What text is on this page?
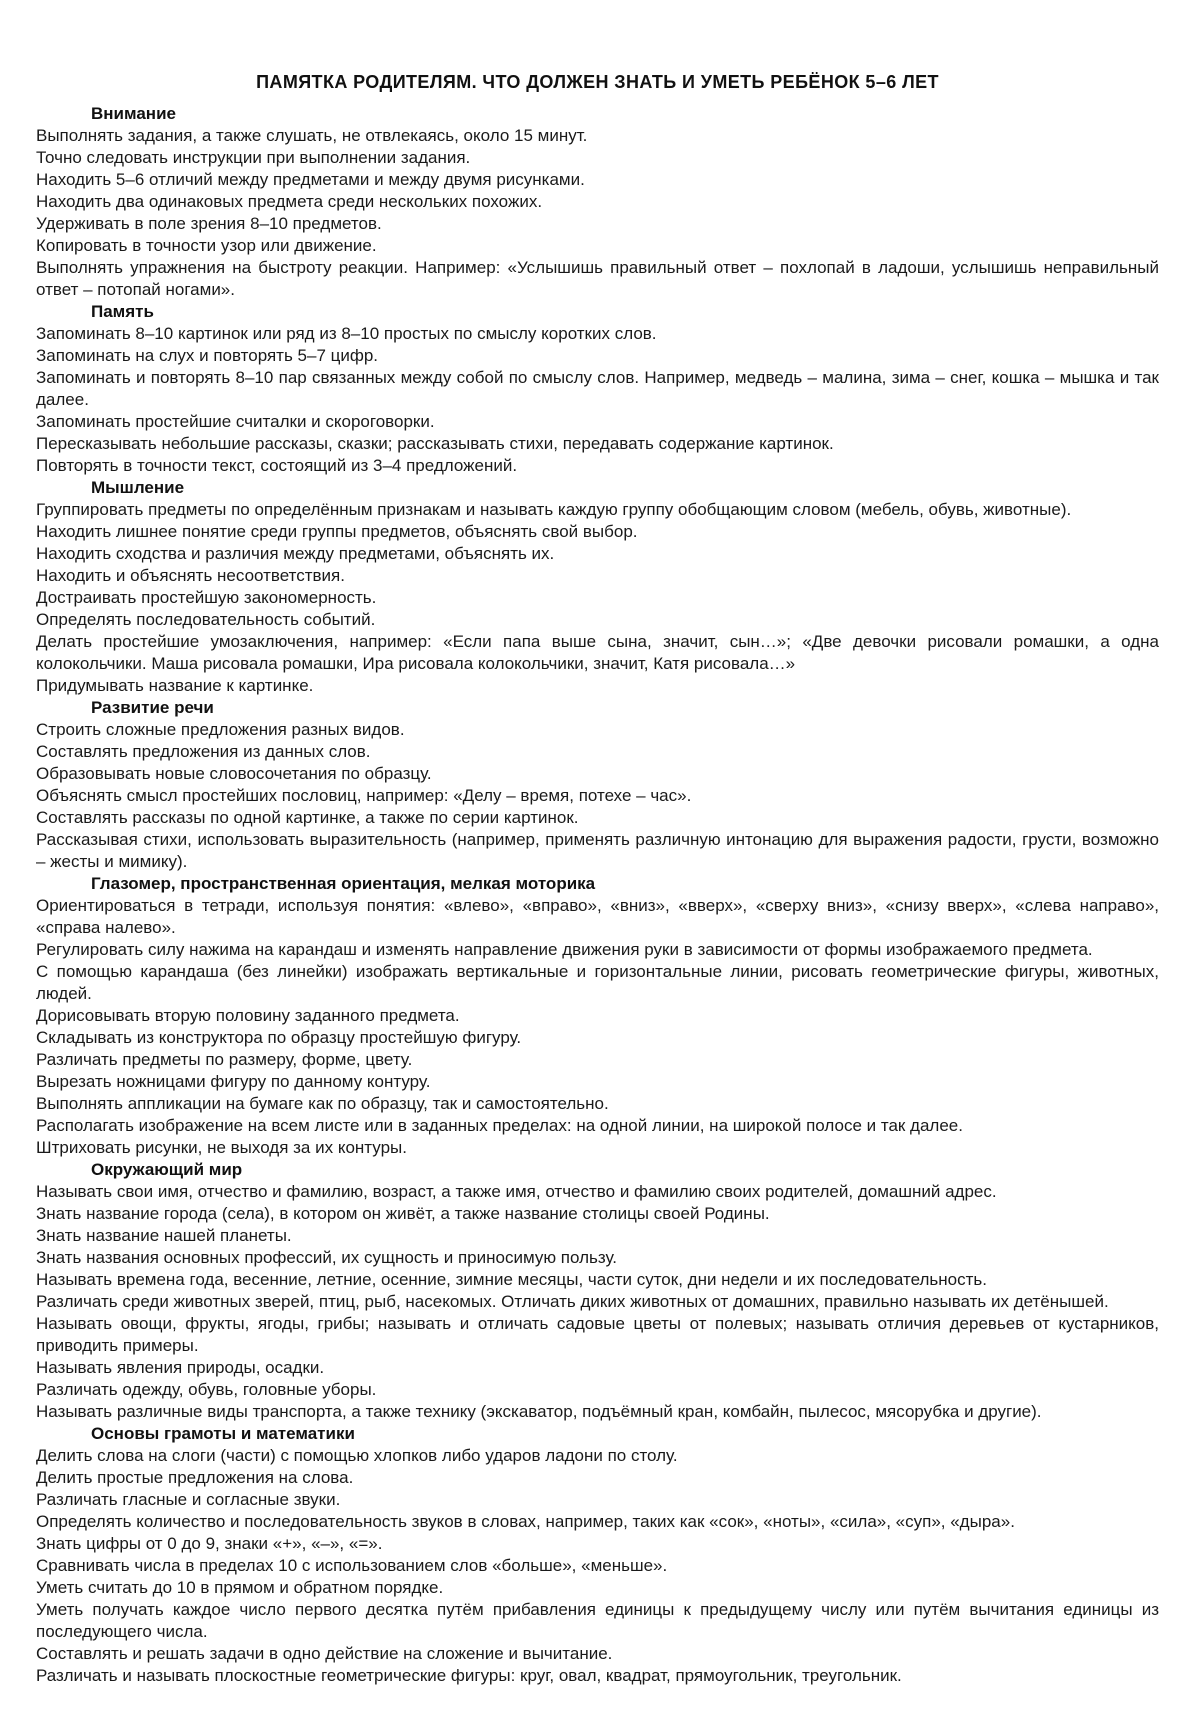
ПАМЯТКА РОДИТЕЛЯМ. ЧТО ДОЛЖЕН ЗНАТЬ И УМЕТЬ РЕБЁНОК 5–6 ЛЕТ
Внимание
Выполнять задания, а также слушать, не отвлекаясь, около 15 минут.
Точно следовать инструкции при выполнении задания.
Находить 5–6 отличий между предметами и между двумя рисунками.
Находить два одинаковых предмета среди нескольких похожих.
Удерживать в поле зрения 8–10 предметов.
Копировать в точности узор или движение.
Выполнять упражнения на быстроту реакции. Например: «Услышишь правильный ответ – похлопай в ладоши, услышишь неправильный ответ – потопай ногами».
Память
Запоминать 8–10 картинок или ряд из 8–10 простых по смыслу коротких слов.
Запоминать на слух и повторять 5–7 цифр.
Запоминать и повторять 8–10 пар связанных между собой по смыслу слов. Например, медведь – малина, зима – снег, кошка – мышка и так далее.
Запоминать простейшие считалки и скороговорки.
Пересказывать небольшие рассказы, сказки; рассказывать стихи, передавать содержание картинок.
Повторять в точности текст, состоящий из 3–4 предложений.
Мышление
Группировать предметы по определённым признакам и называть каждую группу обобщающим словом (мебель, обувь, животные).
Находить лишнее понятие среди группы предметов, объяснять свой выбор.
Находить сходства и различия между предметами, объяснять их.
Находить и объяснять несоответствия.
Достраивать простейшую закономерность.
Определять последовательность событий.
Делать простейшие умозаключения, например: «Если папа выше сына, значит, сын…»; «Две девочки рисовали ромашки, а одна колокольчики. Маша рисовала ромашки, Ира рисовала колокольчики, значит, Катя рисовала…»
Придумывать название к картинке.
Развитие речи
Строить сложные предложения разных видов.
Составлять предложения из данных слов.
Образовывать новые словосочетания по образцу.
Объяснять смысл простейших пословиц, например: «Делу – время, потехе – час».
Составлять рассказы по одной картинке, а также по серии картинок.
Рассказывая стихи, использовать выразительность (например, применять различную интонацию для выражения радости, грусти, возможно – жесты и мимику).
Глазомер, пространственная ориентация, мелкая моторика
Ориентироваться в тетради, используя понятия: «влево», «вправо», «вниз», «вверх», «сверху вниз», «снизу вверх», «слева направо», «справа налево».
Регулировать силу нажима на карандаш и изменять направление движения руки в зависимости от формы изображаемого предмета.
С помощью карандаша (без линейки) изображать вертикальные и горизонтальные линии, рисовать геометрические фигуры, животных, людей.
Дорисовывать вторую половину заданного предмета.
Складывать из конструктора по образцу простейшую фигуру.
Различать предметы по размеру, форме, цвету.
Вырезать ножницами фигуру по данному контуру.
Выполнять аппликации на бумаге как по образцу, так и самостоятельно.
Располагать изображение на всем листе или в заданных пределах: на одной линии, на широкой полосе и так далее.
Штриховать рисунки, не выходя за их контуры.
Окружающий мир
Называть свои имя, отчество и фамилию, возраст, а также имя, отчество и фамилию своих родителей, домашний адрес.
Знать название города (села), в котором он живёт, а также название столицы своей Родины.
Знать название нашей планеты.
Знать названия основных профессий, их сущность и приносимую пользу.
Называть времена года, весенние, летние, осенние, зимние месяцы, части суток, дни недели и их последовательность.
Различать среди животных зверей, птиц, рыб, насекомых. Отличать диких животных от домашних, правильно называть их детёнышей.
Называть овощи, фрукты, ягоды, грибы; называть и отличать садовые цветы от полевых; называть отличия деревьев от кустарников, приводить примеры.
Называть явления природы, осадки.
Различать одежду, обувь, головные уборы.
Называть различные виды транспорта, а также технику (экскаватор, подъёмный кран, комбайн, пылесос, мясорубка и другие).
Основы грамоты и математики
Делить слова на слоги (части) с помощью хлопков либо ударов ладони по столу.
Делить простые предложения на слова.
Различать гласные и согласные звуки.
Определять количество и последовательность звуков в словах, например, таких как «сок», «ноты», «сила», «суп», «дыра».
Знать цифры от 0 до 9, знаки «+», «–», «=».
Сравнивать числа в пределах 10 с использованием слов «больше», «меньше».
Уметь считать до 10 в прямом и обратном порядке.
Уметь получать каждое число первого десятка путём прибавления единицы к предыдущему числу или путём вычитания единицы из последующего числа.
Составлять и решать задачи в одно действие на сложение и вычитание.
Различать и называть плоскостные геометрические фигуры: круг, овал, квадрат, прямоугольник, треугольник.
